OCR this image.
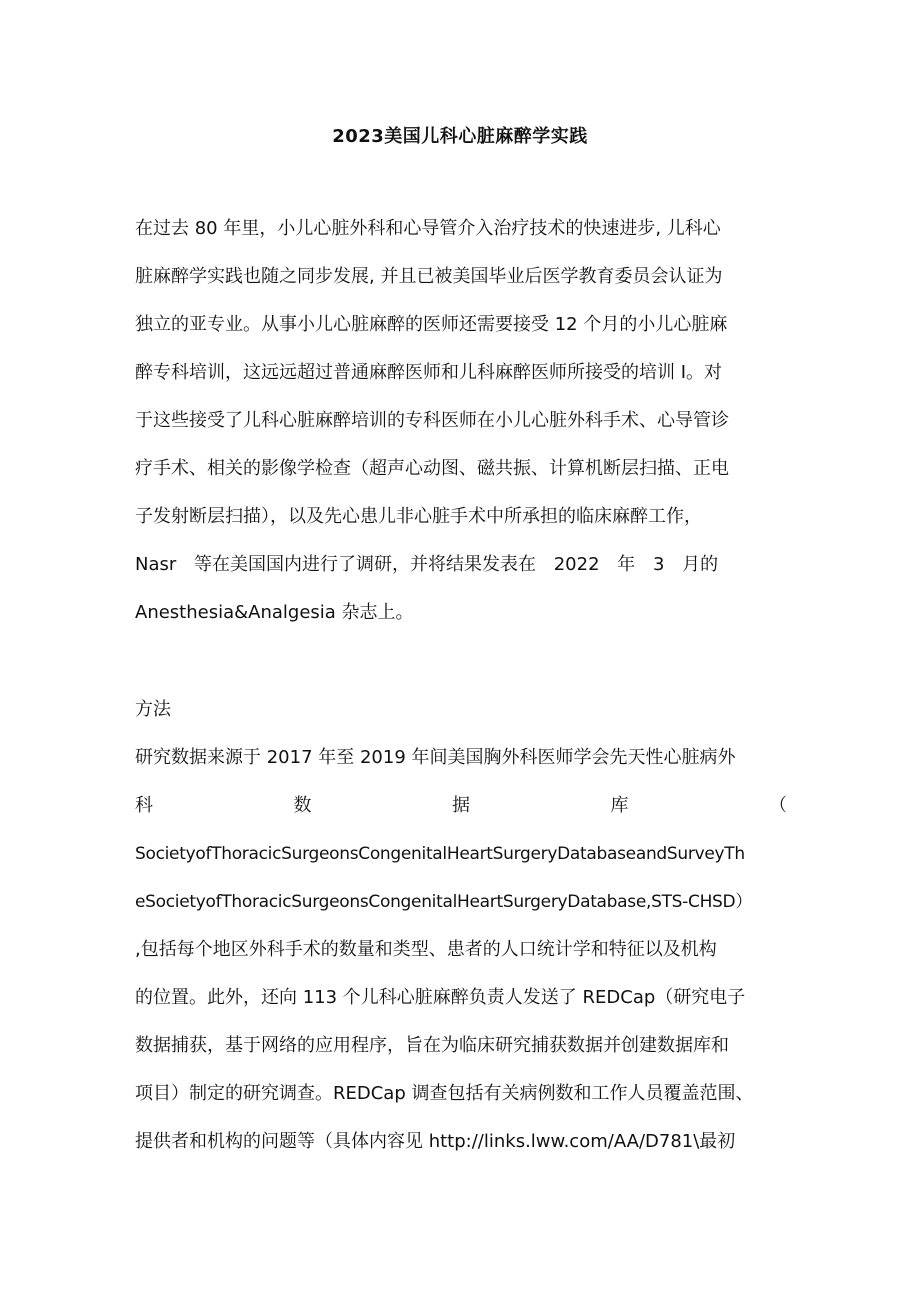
2023美国儿科心脏麻醉学实践
在过去 80 年里，小儿心脏外科和心导管介入治疗技术的快速进步, 儿科心
脏麻醉学实践也随之同步发展, 并且已被美国毕业后医学教育委员会认证为
独立的亚专业。从事小儿心脏麻醉的医师还需要接受 12 个月的小儿心脏麻
醉专科培训，这远远超过普通麻醉医师和儿科麻醉医师所接受的培训 I。对
于这些接受了儿科心脏麻醉培训的专科医师在小儿心脏外科手术、心导管诊
疗手术、相关的影像学检查（超声心动图、磁共振、计算机断层扫描、正电
子发射断层扫描），以及先心患儿非心脏手术中所承担的临床麻醉工作，
Nasr 等在美国国内进行了调研，并将结果发表在 2022 年 3 月的
Anesthesia&Analgesia 杂志上。
方法
研究数据来源于 2017 年至 2019 年间美国胸外科医师学会先天性心脏病外
科	数	据	库	（
SocietyofThoracicSurgeonsCongenitalHeartSurgeryDatabaseandSurveyTh
eSocietyofThoracicSurgeonsCongenitalHeartSurgeryDatabase,STS-CHSD）
,包括每个地区外科手术的数量和类型、患者的人口统计学和特征以及机构
的位置。此外，还向 113 个儿科心脏麻醉负责人发送了 REDCap（研究电子
数据捕获，基于网络的应用程序，旨在为临床研究捕获数据并创建数据库和
项目）制定的研究调查。REDCap 调查包括有关病例数和工作人员覆盖范围、
提供者和机构的问题等（具体内容见 http://links.lww.com/AA/D781\最初
